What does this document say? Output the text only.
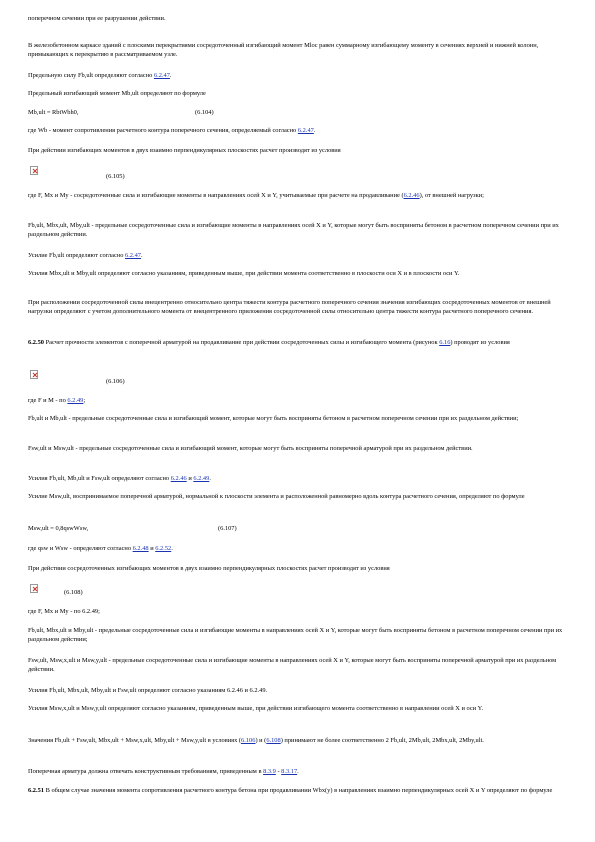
поперечном сечении при ее разрушении действии.

В железобетонном каркасе зданий с плоскими перекрытиями сосредоточенный изгибающий момент Mloc равен суммарному изгибающему моменту в сечениях верхней и нижней колонн, примыкающих к перекрытию в рассматриваемом узле.

Предельную силу Fb,ult определяют согласно 6.2.47.

Предельный изгибающий момент Mb,ult определяют по формуле

Mb,ult = RbtWbh0,	(6.104)

где Wb - момент сопротивления расчетного контура поперечного сечения, определяемый согласно 6.2.47.

При действии изгибающих моментов в двух взаимно перпендикулярных плоскостях расчет производят из условия

(6.105)

где F, Mx и My - сосредоточенные сила и изгибающие моменты в направлениях осей X и Y, учитываемые при расчете на продавливание (6.2.46), от внешней нагрузки;

Fb,ult, Mbx,ult, Mby,ult - предельные сосредоточенные сила и изгибающие моменты в направлениях осей X и Y, которые могут быть восприняты бетоном в расчетном поперечном сечении при их раздельном действии.

Усилие Fb,ult определяют согласно 6.2.47.

Усилия Mbx,ult и Mby,ult определяют согласно указаниям, приведенным выше, при действии момента соответственно в плоскости оси X и в плоскости оси Y.

При расположении сосредоточенной силы внецентренно относительно центра тяжести контура расчетного поперечного сечения значения изгибающих сосредоточенных моментов от внешней нагрузки определяют с учетом дополнительного момента от внецентренного приложения сосредоточенной силы относительно центра тяжести контура расчетного поперечного сечения.

6.2.50 Расчет прочности элементов с поперечной арматурой на продавливание при действии сосредоточенных силы и изгибающего момента (рисунок 6.16) проводят из условия

(6.106)

где F и M - по 6.2.49;

Fb,ult и Mb,ult - предельные сосредоточенные сила и изгибающий момент, которые могут быть восприняты бетоном в расчетном поперечном сечении при их раздельном действии;

Fsw,ult и Msw,ult - предельные сосредоточенные сила и изгибающий момент, которые могут быть восприняты поперечной арматурой при их раздельном действии.

Усилия Fb,ult, Mb,ult и Fsw,ult определяют согласно 6.2.46 и 6.2.49.

Усилие Msw,ult, воспринимаемое поперечной арматурой, нормальной к плоскости элемента и расположенной равномерно вдоль контура расчетного сечения, определяют по формуле

Msw,ult = 0,8qswWsw,	(6.107)

где qsw и Wsw - определяют согласно 6.2.48 и 6.2.52.

При действии сосредоточенных изгибающих моментов в двух взаимно перпендикулярных плоскостях расчет производят из условия

(6.108)

где F, Mx и My - по 6.2.49;

Fb,ult, Mbx,ult и Mby,ult - предельные сосредоточенные сила и изгибающие моменты в направлениях осей X и Y, которые могут быть восприняты бетоном в расчетном поперечном сечении при их раздельном действии;

Fsw,ult, Msw,x,ult и Msw,y,ult - предельные сосредоточенные сила и изгибающие моменты в направлениях осей X и Y, которые могут быть восприняты поперечной арматурой при их раздельном действии.

Усилия Fb,ult, Mbx,ult, Mby,ult и Fsw,ult определяют согласно указаниям 6.2.46 и 6.2.49.

Усилия Msw,x,ult и Msw,y,ult определяют согласно указаниям, приведенным выше, при действии изгибающего момента соответственно в направлении осей X и оси Y.

Значения Fb,ult + Fsw,ult, Mbx,ult + Msw,x,ult, Mby,ult + Msw,y,ult в условиях (6.106) и (6.108) принимают не более соответственно 2 Fb,ult, 2Mb,ult, 2Mbx,ult, 2Mby,ult.

Поперечная арматура должна отвечать конструктивным требованиям, приведенным в 8.3.9 - 8.3.17.

6.2.51 В общем случае значения момента сопротивления расчетного контура бетона при продавливании Wbx(y) в направлениях взаимно перпендикулярных осей X и Y определяют по формуле
